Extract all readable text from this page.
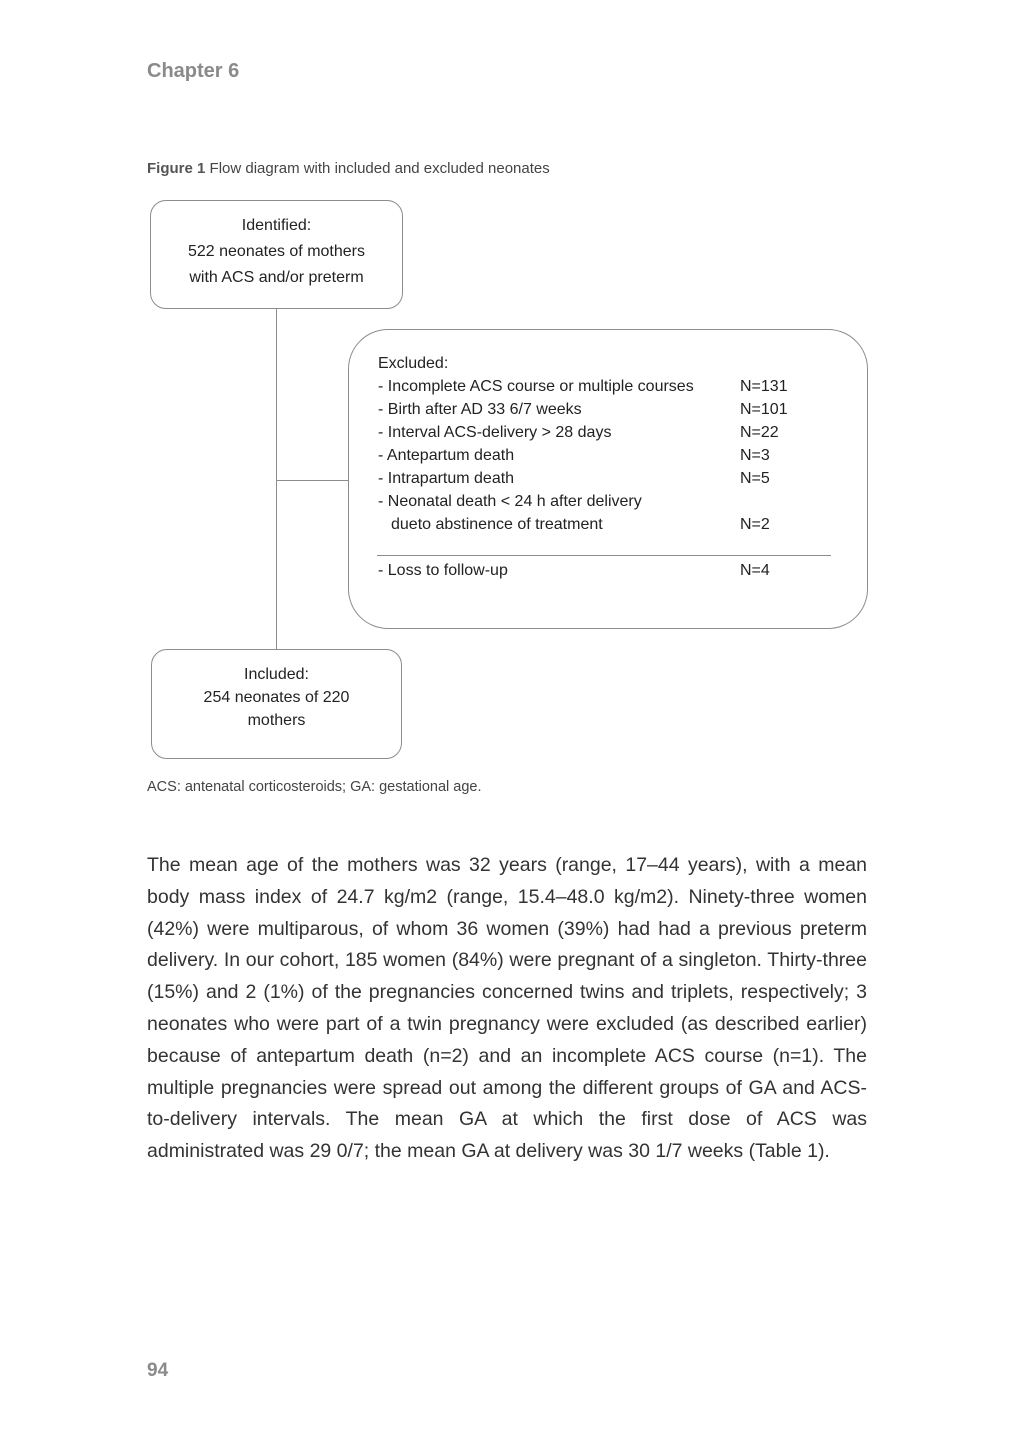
Chapter 6
Figure 1 Flow diagram with included and excluded neonates
Identified:
522 neonates of mothers
with ACS and/or preterm
Excluded:
- Incomplete ACS course or multiple courses	N=131
- Birth after AD 33 6/7 weeks	N=101
- Interval ACS-delivery > 28 days	N=22
- Antepartum death	N=3
- Intrapartum death	N=5
- Neonatal death < 24 h after delivery
dueto abstinence of treatment	N=2
- Loss to follow-up	N=4
Included:
254 neonates of 220
mothers
ACS: antenatal corticosteroids; GA: gestational age.
The mean age of the mothers was 32 years (range, 17–44 years), with a mean body mass index of 24.7 kg/m2 (range, 15.4–48.0 kg/m2). Ninety-three women (42%) were multiparous, of whom 36 women (39%) had had a previous preterm delivery. In our cohort, 185 women (84%) were pregnant of a singleton. Thirty-three (15%) and 2 (1%) of the pregnancies concerned twins and triplets, respectively; 3 neonates who were part of a twin pregnancy were excluded (as described earlier) because of antepartum death (n=2) and an incomplete ACS course (n=1). The multiple pregnancies were spread out among the different groups of GA and ACS-to-delivery intervals. The mean GA at which the first dose of ACS was administrated was 29 0/7; the mean GA at delivery was 30 1/7 weeks (Table 1).
94
